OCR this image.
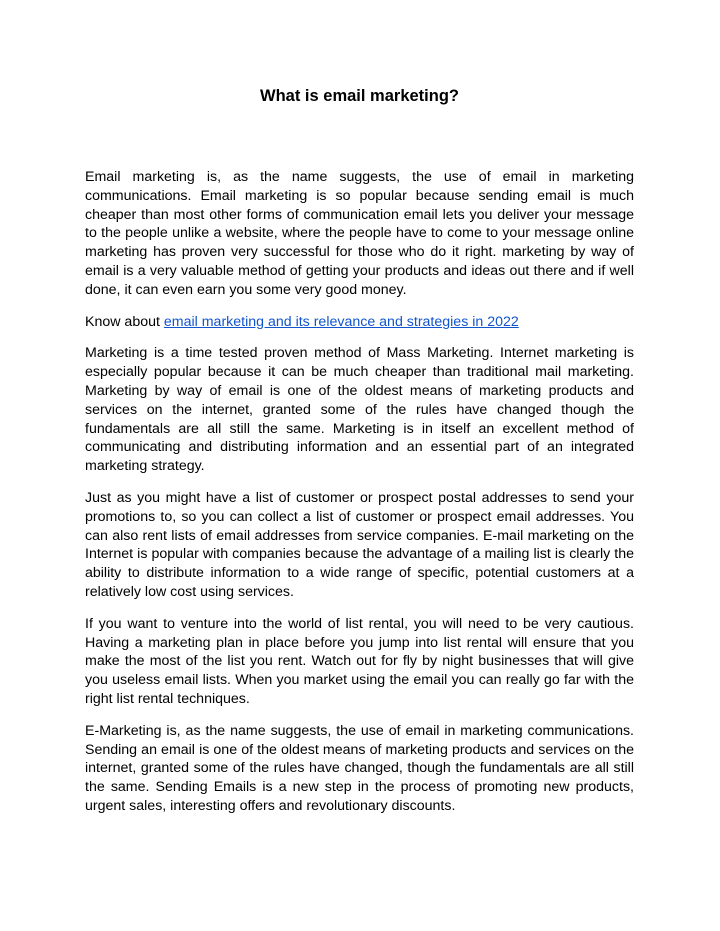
What is email marketing?

Email marketing is, as the name suggests, the use of email in marketing communications. Email marketing is so popular because sending email is much cheaper than most other forms of communication email lets you deliver your message to the people unlike a website, where the people have to come to your message online marketing has proven very successful for those who do it right. marketing by way of email is a very valuable method of getting your products and ideas out there and if well done, it can even earn you some very good money.

Know about email marketing and its relevance and strategies in 2022

Marketing is a time tested proven method of Mass Marketing. Internet marketing is especially popular because it can be much cheaper than traditional mail marketing. Marketing by way of email is one of the oldest means of marketing products and services on the internet, granted some of the rules have changed though the fundamentals are all still the same. Marketing is in itself an excellent method of communicating and distributing information and an essential part of an integrated marketing strategy.

Just as you might have a list of customer or prospect postal addresses to send your promotions to, so you can collect a list of customer or prospect email addresses. You can also rent lists of email addresses from service companies. E-mail marketing on the Internet is popular with companies because the advantage of a mailing list is clearly the ability to distribute information to a wide range of specific, potential customers at a relatively low cost using services.

If you want to venture into the world of list rental, you will need to be very cautious. Having a marketing plan in place before you jump into list rental will ensure that you make the most of the list you rent. Watch out for fly by night businesses that will give you useless email lists. When you market using the email you can really go far with the right list rental techniques.

E-Marketing is, as the name suggests, the use of email in marketing communications. Sending an email is one of the oldest means of marketing products and services on the internet, granted some of the rules have changed, though the fundamentals are all still the same. Sending Emails is a new step in the process of promoting new products, urgent sales, interesting offers and revolutionary discounts.
